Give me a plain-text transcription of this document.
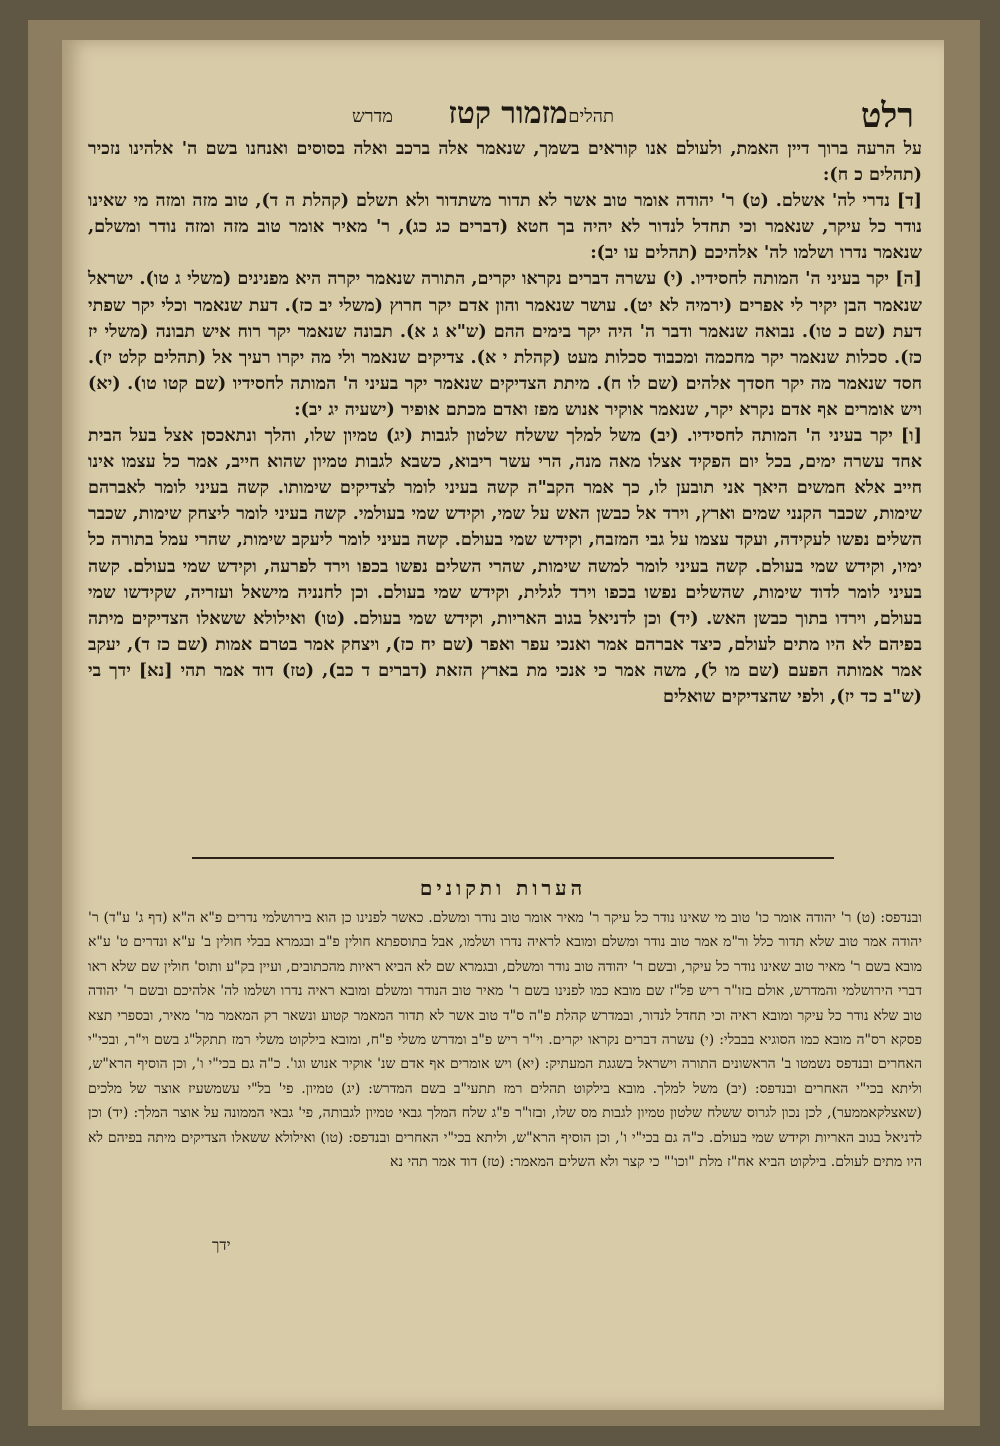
רלט
תהלים
מזמור קטז
מדרש

על הרעה ברוך דיין האמת, ולעולם אנו קוראים בשמך, שנאמר אלה ברכב ואלה בסוסים ואנחנו בשם ה' אלהינו נזכיר (תהלים כ ח):

[ד] נדרי לה' אשלם. (ט) ר' יהודה אומר טוב אשר לא תדור משתדור ולא תשלם (קהלת ה ד), טוב מזה ומזה מי שאינו נודר כל עיקר, שנאמר וכי תחדל לנדור לא יהיה בך חטא (דברים כג כג), ר' מאיר אומר טוב מזה ומזה נודר ומשלם, שנאמר נדרו ושלמו לה' אלהיכם (תהלים עו יב):

[ה] יקר בעיני ה' המותה לחסידיו. (י) עשרה דברים נקראו יקרים, התורה שנאמר יקרה היא מפנינים (משלי ג טו). ישראל שנאמר הבן יקיר לי אפרים (ירמיה לא יט). עושר שנאמר והון אדם יקר חרוץ (משלי יב כז). דעת שנאמר וכלי יקר שפתי דעת (שם כ טו). נבואה שנאמר ודבר ה' היה יקר בימים ההם (ש"א ג א). תבונה שנאמר יקר רוח איש תבונה (משלי יז כז). סכלות שנאמר יקר מחכמה ומכבוד סכלות מעט (קהלת י א). צדיקים שנאמר ולי מה יקרו רעיך אל (תהלים קלט יז). חסד שנאמר מה יקר חסדך אלהים (שם לו ח). מיתת הצדיקים שנאמר יקר בעיני ה' המותה לחסידיו (שם קטו טו). (יא) ויש אומרים אף אדם נקרא יקר, שנאמר אוקיר אנוש מפז ואדם מכתם אופיר (ישעיה יג יב):

[ו] יקר בעיני ה' המותה לחסידיו. (יב) משל למלך ששלח שלטון לגבות (יג) טמיון שלו, והלך ונתאכסן אצל בעל הבית אחד עשרה ימים, בכל יום הפקיד אצלו מאה מנה, הרי עשר ריבוא, כשבא לגבות טמיון שהוא חייב, אמר כל עצמו אינו חייב אלא חמשים היאך אני תובען לו, כך אמר הקב"ה קשה בעיני לומר לצדיקים שימותו. קשה בעיני לומר לאברהם שימות, שכבר הקנני שמים וארץ, וירד אל כבשן האש על שמי, וקידש שמי בעולמי. קשה בעיני לומר ליצחק שימות, שכבר השלים נפשו לעקידה, ועקד עצמו על גבי המזבח, וקידש שמי בעולם. קשה בעיני לומר ליעקב שימות, שהרי עמל בתורה כל ימיו, וקידש שמי בעולם. קשה בעיני לומר למשה שימות, שהרי השלים נפשו בכפו וירד לפרעה, וקידש שמי בעולם. קשה בעיני לומר לדוד שימות, שהשלים נפשו בכפו וירד לגלית, וקידש שמי בעולם. וכן לחנניה מישאל ועזריה, שקידשו שמי בעולם, וירדו בתוך כבשן האש. (יד) וכן לדניאל בגוב האריות, וקידש שמי בעולם. (טו) ואילולא ששאלו הצדיקים מיתה בפיהם לא היו מתים לעולם, כיצד אברהם אמר ואנכי עפר ואפר (שם יח כז), ויצחק אמר בטרם אמות (שם כז ד), יעקב אמר אמותה הפעם (שם מו ל), משה אמר כי אנכי מת בארץ הזאת (דברים ד כב), (טז) דוד אמר תהי [נא] ידך בי (ש"ב כד יז), ולפי שהצדיקים שואלים

הערות ותקונים

ובנדפס: (ט) ר' יהודה אומר כו' טוב מי שאינו נודר כל עיקר ר' מאיר אומר טוב נודר ומשלם. כאשר לפנינו כן הוא בירושלמי נדרים פ"א ה"א (דף ג' ע"ד) ר' יהודה אמר טוב שלא תדור כלל ור"מ אמר טוב נודר ומשלם ומובא לראיה נדרו ושלמו, אבל בתוספתא חולין פ"ב ובגמרא בבלי חולין ב' ע"א ונדרים ט' ע"א מובא בשם ר' מאיר טוב שאינו נודר כל עיקר, ובשם ר' יהודה טוב נודר ומשלם, ובגמרא שם לא הביא ראיות מהכתובים, ועיין בק"ע ותוס' חולין שם שלא ראו דברי הירושלמי והמדרש, אולם בזו"ר ריש פל"ז שם מובא כמו לפנינו בשם ר' מאיר טוב הנודר ומשלם ומובא ראיה נדרו ושלמו לה' אלהיכם ובשם ר' יהודה טוב שלא נודר כל עיקר ומובא ראיה וכי תחדל לנדור, ובמדרש קהלת פ"ה ס"ד טוב אשר לא תדור המאמר קטוע ונשאר רק המאמר מר' מאיר, ובספרי תצא פסקא רס"ה מובא כמו הסוגיא בבבלי: (י) עשרה דברים נקראו יקרים. וי"ר ריש פ"ב ומדרש משלי פ"ח, ומובא בילקוט משלי רמז תתקל"ג בשם וי"ר, ובכי"י האחרים ובנדפס נשמטו ב' הראשונים התורה וישראל בשגגת המעתיק: (יא) ויש אומרים אף אדם שנ' אוקיר אנוש וגו'. כ"ה גם בכי"י ו', וכן הוסיף הרא"ש, וליתא בכי"י האחרים ובנדפס: (יב) משל למלך. מובא בילקוט תהלים רמז תתעי"ב בשם המדרש: (יג) טמיון. פי' בל"י עשמשעיז אוצר של מלכים (שאצלקאממער), לכן נכון לגרוס ששלח שלטון טמיון לגבות מס שלו, ובזו"ר פ"ג שלח המלך גבאי טמיון לגבותה, פי' גבאי הממונה על אוצר המלך: (יד) וכן לדניאל בגוב האריות וקידש שמי בעולם. כ"ה גם בכי"י ו', וכן הוסיף הרא"ש, וליתא בכי"י האחרים ובנדפס: (טו) ואילולא ששאלו הצדיקים מיתה בפיהם לא היו מתים לעולם. בילקוט הביא אח"ז מלת "וכו'" כי קצר ולא השלים המאמר: (טז) דוד אמר תהי נא

ידך
